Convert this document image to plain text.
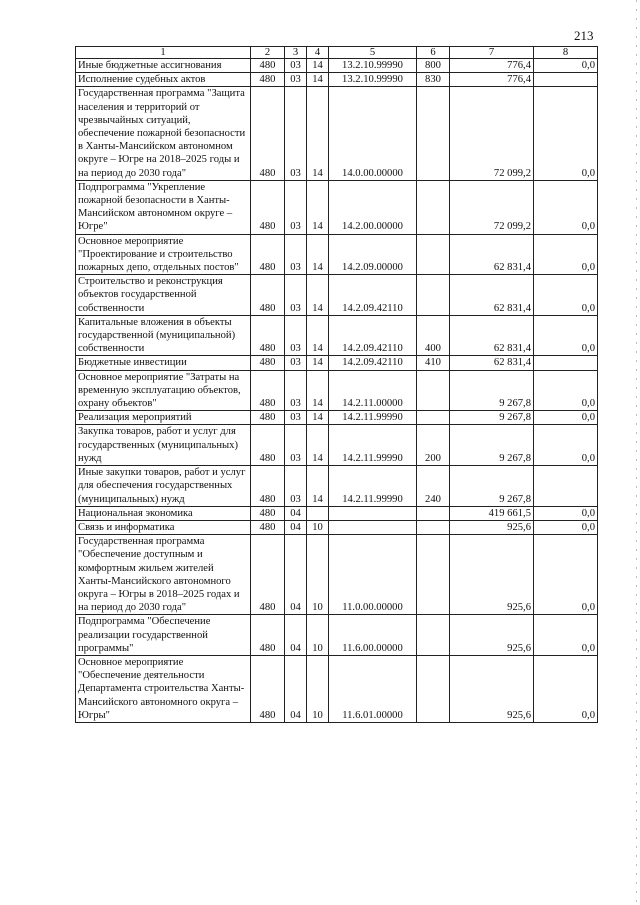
213
1	2	3	4	5	6	7	8
Иные бюджетные ассигнования	480	03	14	13.2.10.99990	800	776,4	0,0
Исполнение судебных актов	480	03	14	13.2.10.99990	830	776,4	
Государственная программа "Защита населения и территорий от чрезвычайных ситуаций, обеспечение пожарной безопасности в Ханты-Мансийском автономном округе – Югре на 2018–2025 годы и на период до 2030 года"	480	03	14	14.0.00.00000		72 099,2	0,0
Подпрограмма "Укрепление пожарной безопасности в Ханты-Мансийском автономном округе – Югре"	480	03	14	14.2.00.00000		72 099,2	0,0
Основное мероприятие "Проектирование и строительство пожарных депо, отдельных постов"	480	03	14	14.2.09.00000		62 831,4	0,0
Строительство и реконструкция объектов государственной собственности	480	03	14	14.2.09.42110		62 831,4	0,0
Капитальные вложения в объекты государственной (муниципальной) собственности	480	03	14	14.2.09.42110	400	62 831,4	0,0
Бюджетные инвестиции	480	03	14	14.2.09.42110	410	62 831,4	
Основное мероприятие "Затраты на временную эксплуатацию объектов, охрану объектов"	480	03	14	14.2.11.00000		9 267,8	0,0
Реализация мероприятий	480	03	14	14.2.11.99990		9 267,8	0,0
Закупка товаров, работ и услуг для государственных (муниципальных) нужд	480	03	14	14.2.11.99990	200	9 267,8	0,0
Иные закупки товаров, работ и услуг для обеспечения государственных (муниципальных) нужд	480	03	14	14.2.11.99990	240	9 267,8	
Национальная экономика	480	04				419 661,5	0,0
Связь и информатика	480	04	10			925,6	0,0
Государственная программа "Обеспечение доступным и комфортным жильем жителей Ханты-Мансийского автономного округа – Югры в 2018–2025 годах и на период до 2030 года"	480	04	10	11.0.00.00000		925,6	0,0
Подпрограмма "Обеспечение реализации государственной программы"	480	04	10	11.6.00.00000		925,6	0,0
Основное мероприятие "Обеспечение деятельности Департамента строительства Ханты-Мансийского автономного округа – Югры"	480	04	10	11.6.01.00000		925,6	0,0
